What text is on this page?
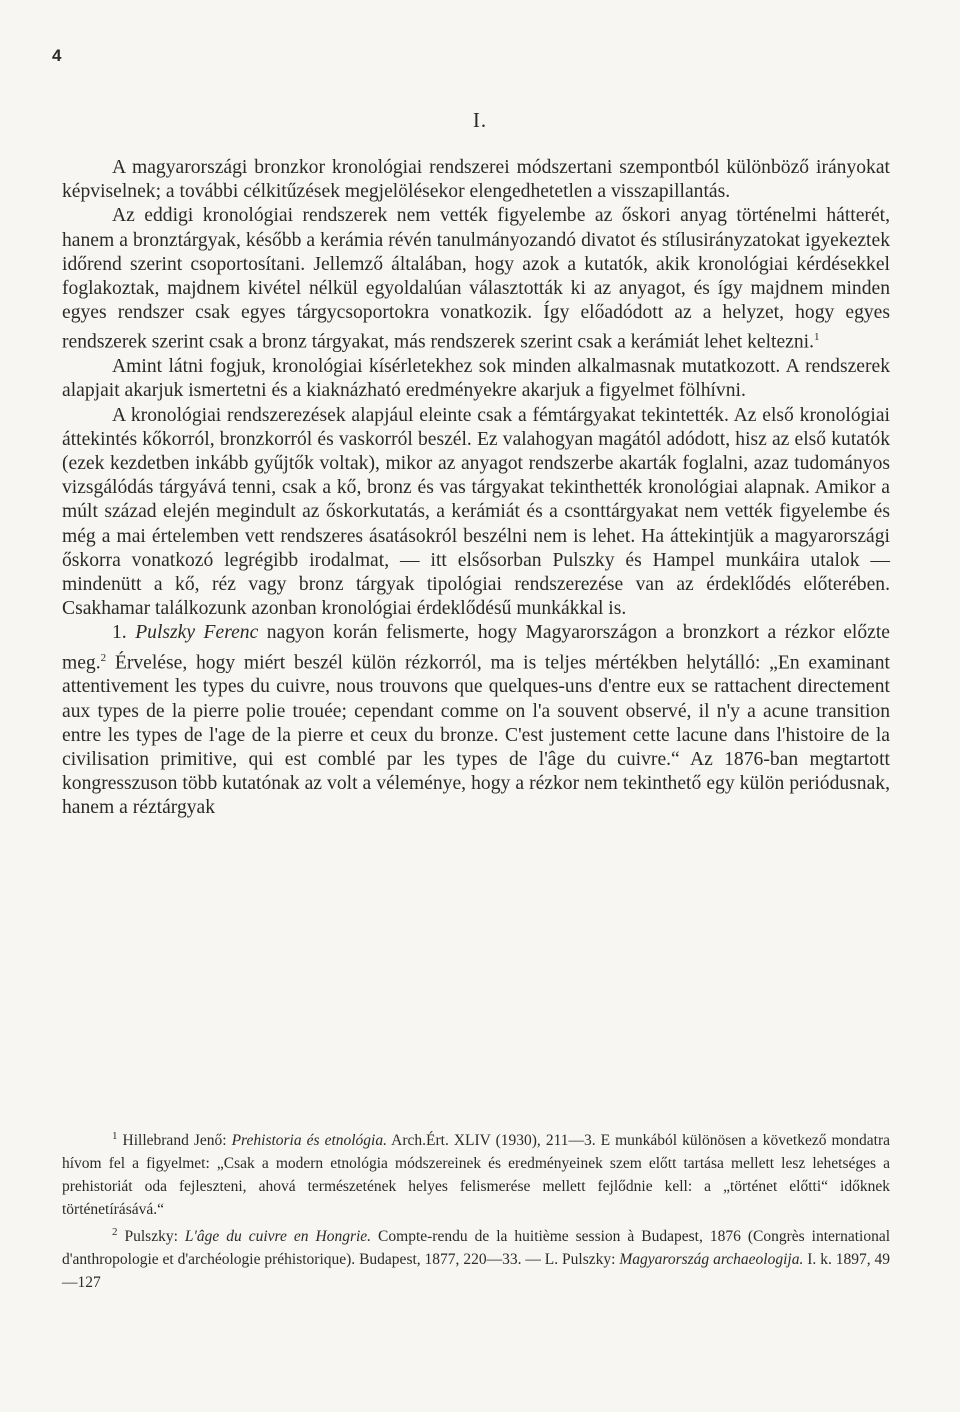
4
I.

A magyarországi bronzkor kronológiai rendszerei módszertani szempontból különböző irányokat képviselnek; a további célkitűzések megjelölésekor elengedhetetlen a visszapillantás.

Az eddigi kronológiai rendszerek nem vették figyelembe az őskori anyag történelmi hátterét, hanem a bronztárgyak, később a kerámia révén tanulmányozandó divatot és stílusirányzatokat igyekeztek időrend szerint csoportosítani. Jellemző általában, hogy azok a kutatók, akik kronológiai kérdésekkel foglakoztak, majdnem kivétel nélkül egyoldalúan választották ki az anyagot, és így majdnem minden egyes rendszer csak egyes tárgycsoportokra vonatkozik. Így előadódott az a helyzet, hogy egyes rendszerek szerint csak a bronz tárgyakat, más rendszerek szerint csak a kerámiát lehet keltezni.$^1$

Amint látni fogjuk, kronológiai kísérletekhez sok minden alkalmasnak mutatkozott. A rendszerek alapjait akarjuk ismertetni és a kiaknázható eredményekre akarjuk a figyelmet fölhívni.

A kronológiai rendszerezések alapjául eleinte csak a fémtárgyakat tekintették. Az első kronológiai áttekintés kőkorról, bronzkorról és vaskorról beszél. Ez valahogyan magától adódott, hisz az első kutatók (ezek kezdetben inkább gyűjtők voltak), mikor az anyagot rendszerbe akarták foglalni, azaz tudományos vizsgálódás tárgyává tenni, csak a kő, bronz és vas tárgyakat tekinthették kronológiai alapnak. Amikor a múlt század elején megindult az őskorkutatás, a kerámiát és a csonttárgyakat nem vették figyelembe és még a mai értelemben vett rendszeres ásatásokról beszélni nem is lehet. Ha áttekintjük a magyarországi őskorra vonatkozó legrégibb irodalmat, — itt elsősorban Pulszky és Hampel munkáira utalok — mindenütt a kő, réz vagy bronz tárgyak tipológiai rendszerezése van az érdeklődés előterében. Csakhamar találkozunk azonban kronológiai érdeklődésű munkákkal is.

1. Pulszky Ferenc nagyon korán felismerte, hogy Magyarországon a bronzkort a rézkor előzte meg.$^2$ Érvelése, hogy miért beszél külön rézkorról, ma is teljes mértékben helytálló: „En examinant attentivement les types du cuivre, nous trouvons que quelques-uns d'entre eux se rattachent directement aux types de la pierre polie trouée; cependant comme on l'a souvent observé, il n'y a acune transition entre les types de l'age de la pierre et ceux du bronze. C'est justement cette lacune dans l'histoire de la civilisation primitive, qui est comblé par les types de l'âge du cuivre.“ Az 1876-ban megtartott kongresszuson több kutatónak az volt a véleménye, hogy a rézkor nem tekinthető egy külön periódusnak, hanem a réztárgyak

$^1$ Hillebrand Jenő: Prehistoria és etnológia. Arch.Ért. XLIV (1930), 211—3. E munkából különösen a következő mondatra hívom fel a figyelmet: „Csak a modern etnológia módszereinek és eredményeinek szem előtt tartása mellett lesz lehetséges a prehistoriát oda fejleszteni, ahová természetének helyes felismerése mellett fejlődnie kell: a „történet előtti“ időknek történetírásává.“

$^2$ Pulszky: L'âge du cuivre en Hongrie. Compte-rendu de la huitième session à Budapest, 1876 (Congrès international d'anthropologie et d'archéologie préhistorique). Budapest, 1877, 220—33. — L. Pulszky: Magyarország archaeologija. I. k. 1897, 49—127
